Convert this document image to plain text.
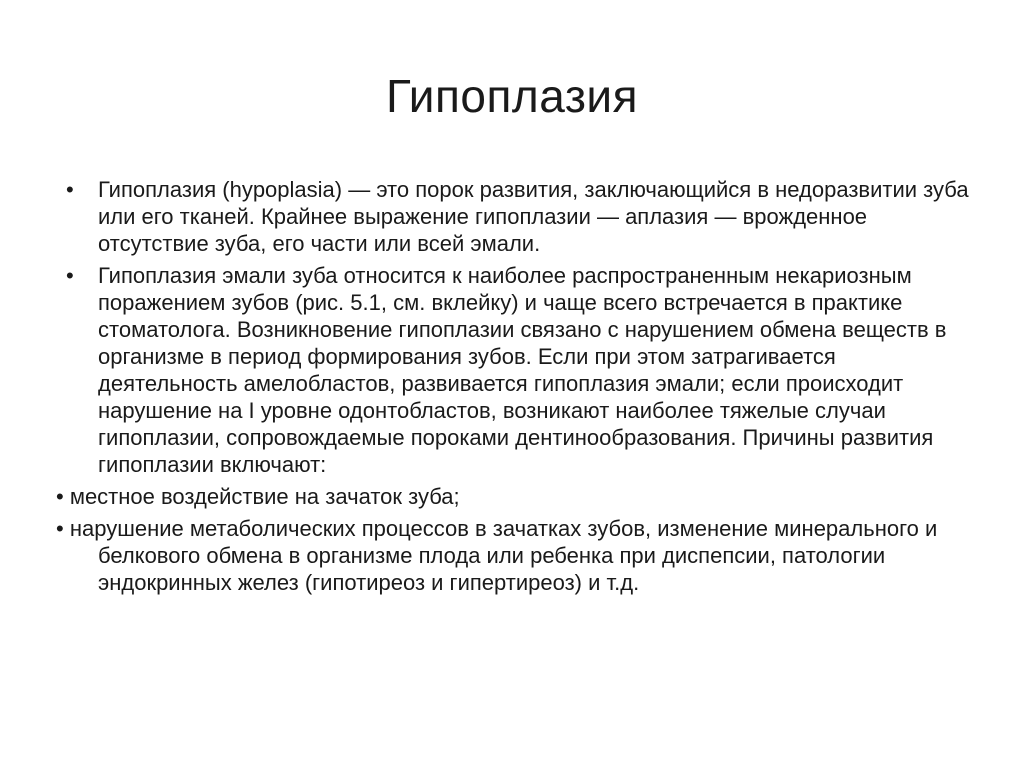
Гипоплазия
• Гипоплазия (hypoplasia) — это порок развития, заключающийся в недоразвитии зуба или его тканей. Крайнее выражение гипоплазии — аплазия — врожденное отсутствие зуба, его части или всей эмали.
• Гипоплазия эмали зуба относится к наиболее распространенным некариозным поражением зубов (рис. 5.1, см. вклейку) и чаще всего встречается в практике стоматолога. Возникновение гипоплазии связано с нарушением обмена веществ в организме в период формирования зубов. Если при этом затрагивается деятельность амелобластов, развивается гипоплазия эмали; если происходит нарушение на I уровне одонтобластов, возникают наиболее тяжелые случаи гипоплазии, сопровождаемые пороками дентинообразования. Причины развития гипоплазии включают:
• местное воздействие на зачаток зуба;
• нарушение метаболических процессов в зачатках зубов, изменение минерального и белкового обмена в организме плода или ребенка при диспепсии, патологии эндокринных желез (гипотиреоз и гипертиреоз) и т.д.
